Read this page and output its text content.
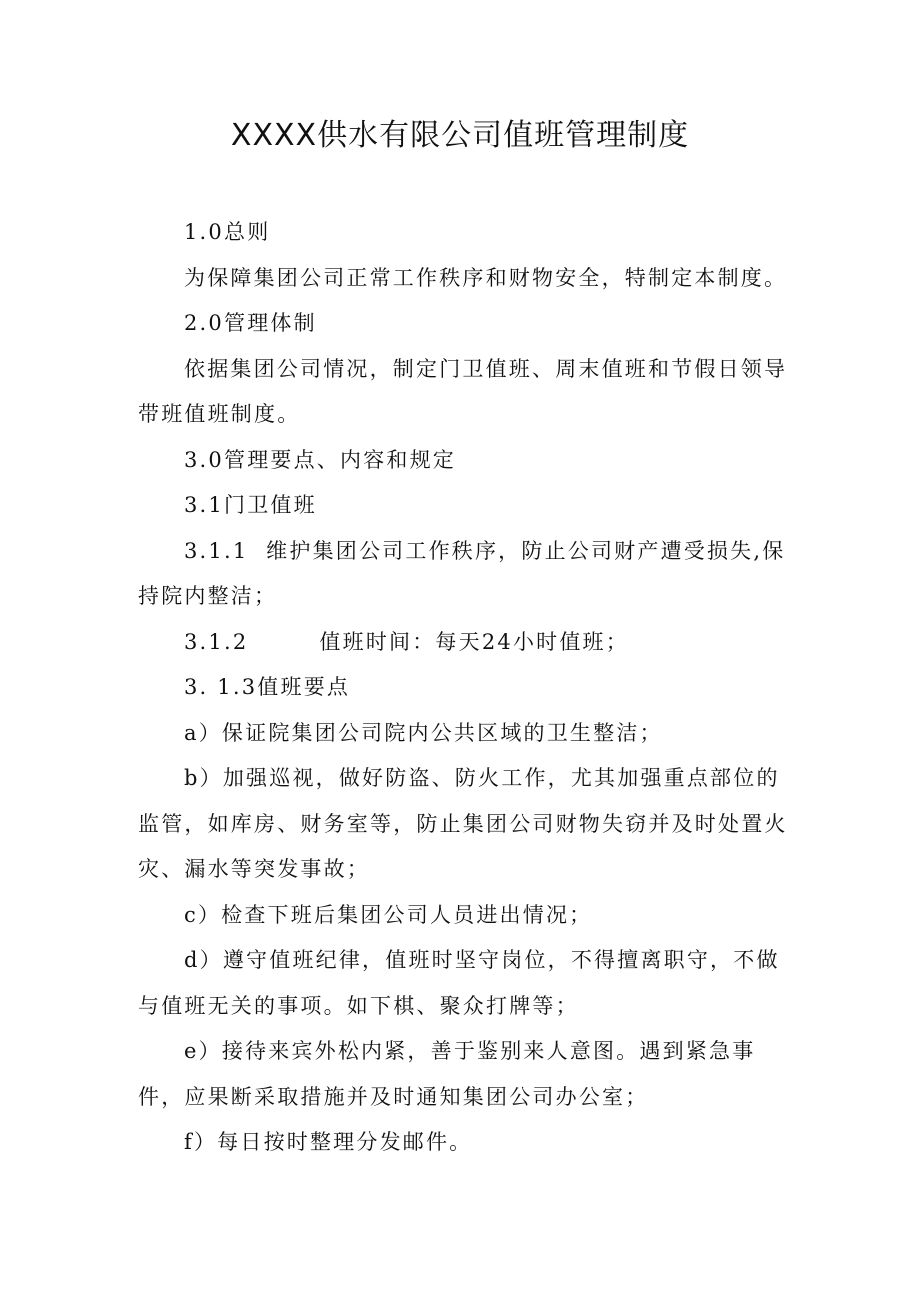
XXXX供水有限公司值班管理制度

1.0总则

为保障集团公司正常工作秩序和财物安全，特制定本制度。

2.0管理体制

依据集团公司情况，制定门卫值班、周末值班和节假日领导带班值班制度。

3.0管理要点、内容和规定

3.1门卫值班

3.1.1  维护集团公司工作秩序，防止公司财产遭受损失,保持院内整洁；

3.1.2        值班时间：每天24小时值班；

3. 1.3值班要点

a）保证院集团公司院内公共区域的卫生整洁；

b）加强巡视，做好防盗、防火工作，尤其加强重点部位的监管，如库房、财务室等，防止集团公司财物失窃并及时处置火灾、漏水等突发事故；

c）检查下班后集团公司人员进出情况；

d）遵守值班纪律，值班时坚守岗位，不得擅离职守，不做与值班无关的事项。如下棋、聚众打牌等；

e）接待来宾外松内紧，善于鉴别来人意图。遇到紧急事件，应果断采取措施并及时通知集团公司办公室；

f）每日按时整理分发邮件。
